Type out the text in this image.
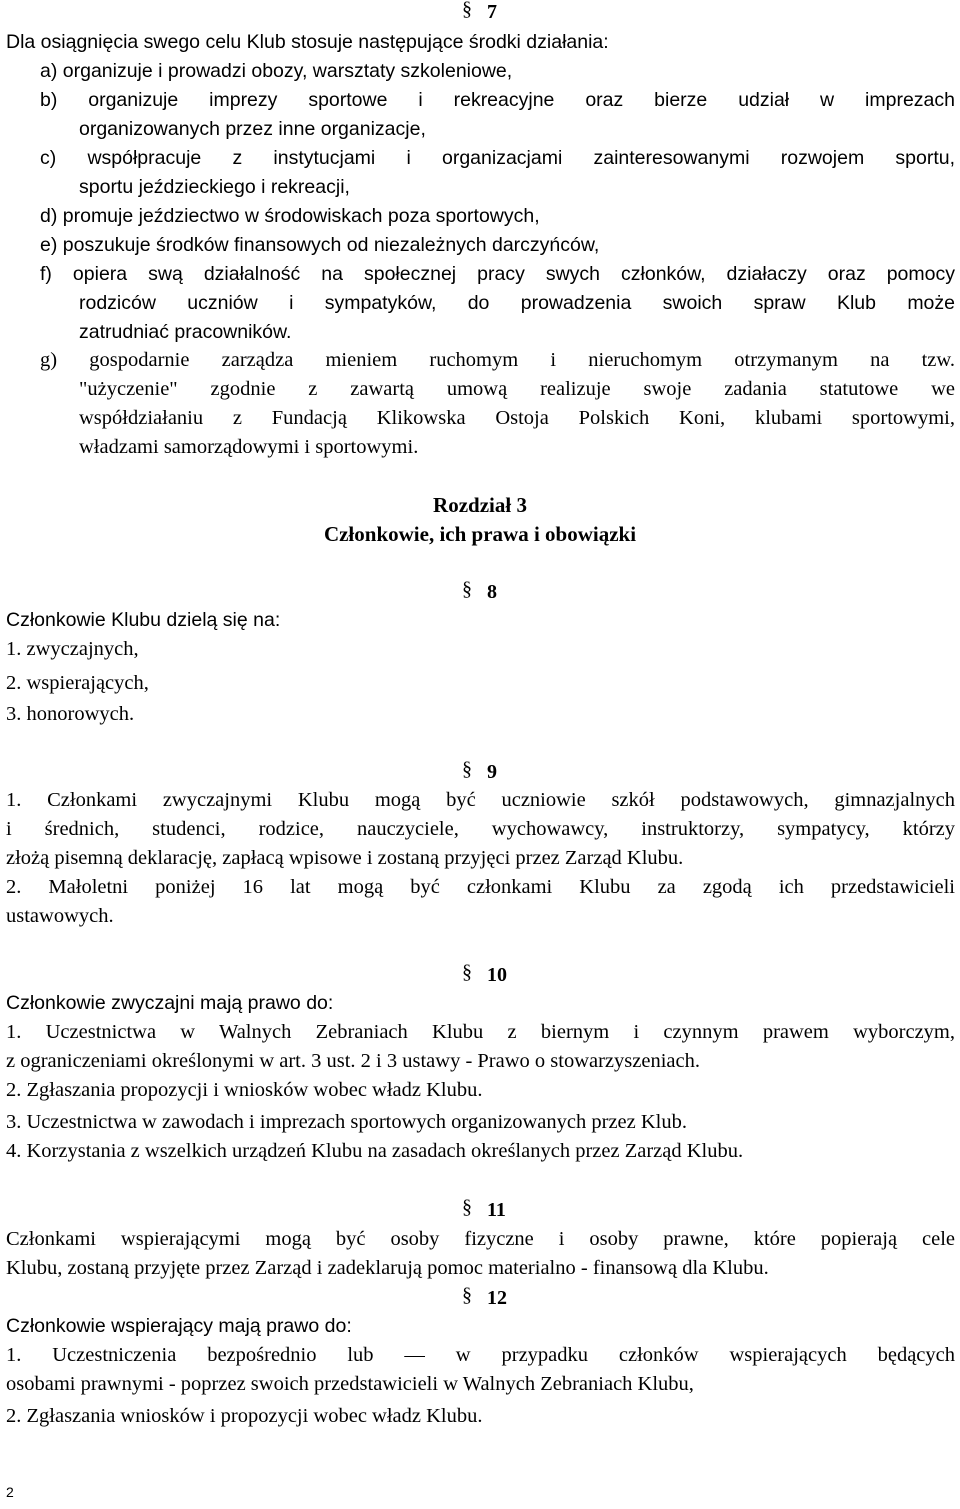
§ 7
Dla osiągnięcia swego celu Klub stosuje następujące środki działania:
a) organizuje i prowadzi obozy, warsztaty szkoleniowe,
b) organizuje imprezy sportowe i rekreacyjne oraz bierze udział w imprezach
organizowanych przez inne organizacje,
c) współpracuje z instytucjami i organizacjami zainteresowanymi rozwojem sportu,
sportu jeździeckiego i rekreacji,
d) promuje jeździectwo w środowiskach poza sportowych,
e) poszukuje środków finansowych od niezależnych darczyńców,
f) opiera swą działalność na społecznej pracy swych członków, działaczy oraz pomocy
rodziców uczniów i sympatyków, do prowadzenia swoich spraw Klub może
zatrudniać pracowników.
g) gospodarnie zarządza mieniem ruchomym i nieruchomym otrzymanym na tzw.
"użyczenie" zgodnie z zawartą umową realizuje swoje zadania statutowe we
współdziałaniu z Fundacją Klikowska Ostoja Polskich Koni, klubami sportowymi,
władzami samorządowymi i sportowymi.
Rozdział 3
Członkowie, ich prawa i obowiązki
§ 8
Członkowie Klubu dzielą się na:
1. zwyczajnych,
2. wspierających,
3. honorowych.
§ 9
1. Członkami zwyczajnymi Klubu mogą być uczniowie szkół podstawowych, gimnazjalnych
i średnich, studenci, rodzice, nauczyciele, wychowawcy, instruktorzy, sympatycy, którzy
złożą pisemną deklarację, zapłacą wpisowe i zostaną przyjęci przez Zarząd Klubu.
2. Małoletni poniżej 16 lat mogą być członkami Klubu za zgodą ich przedstawicieli
ustawowych.
§ 10
Członkowie zwyczajni mają prawo do:
1. Uczestnictwa w Walnych Zebraniach Klubu z biernym i czynnym prawem wyborczym,
z ograniczeniami określonymi w art. 3 ust. 2 i 3 ustawy - Prawo o stowarzyszeniach.
2. Zgłaszania propozycji i wniosków wobec władz Klubu.
3. Uczestnictwa w zawodach i imprezach sportowych organizowanych przez Klub.
4. Korzystania z wszelkich urządzeń Klubu na zasadach określanych przez Zarząd Klubu.
§ 11
Członkami wspierającymi mogą być osoby fizyczne i osoby prawne, które popierają cele
Klubu, zostaną przyjęte przez Zarząd i zadeklarują pomoc materialno - finansową dla Klubu.
§ 12
Członkowie wspierający mają prawo do:
1. Uczestniczenia bezpośrednio lub — w przypadku członków wspierających będących
osobami prawnymi - poprzez swoich przedstawicieli w Walnych Zebraniach Klubu,
2. Zgłaszania wniosków i propozycji wobec władz Klubu.
2
